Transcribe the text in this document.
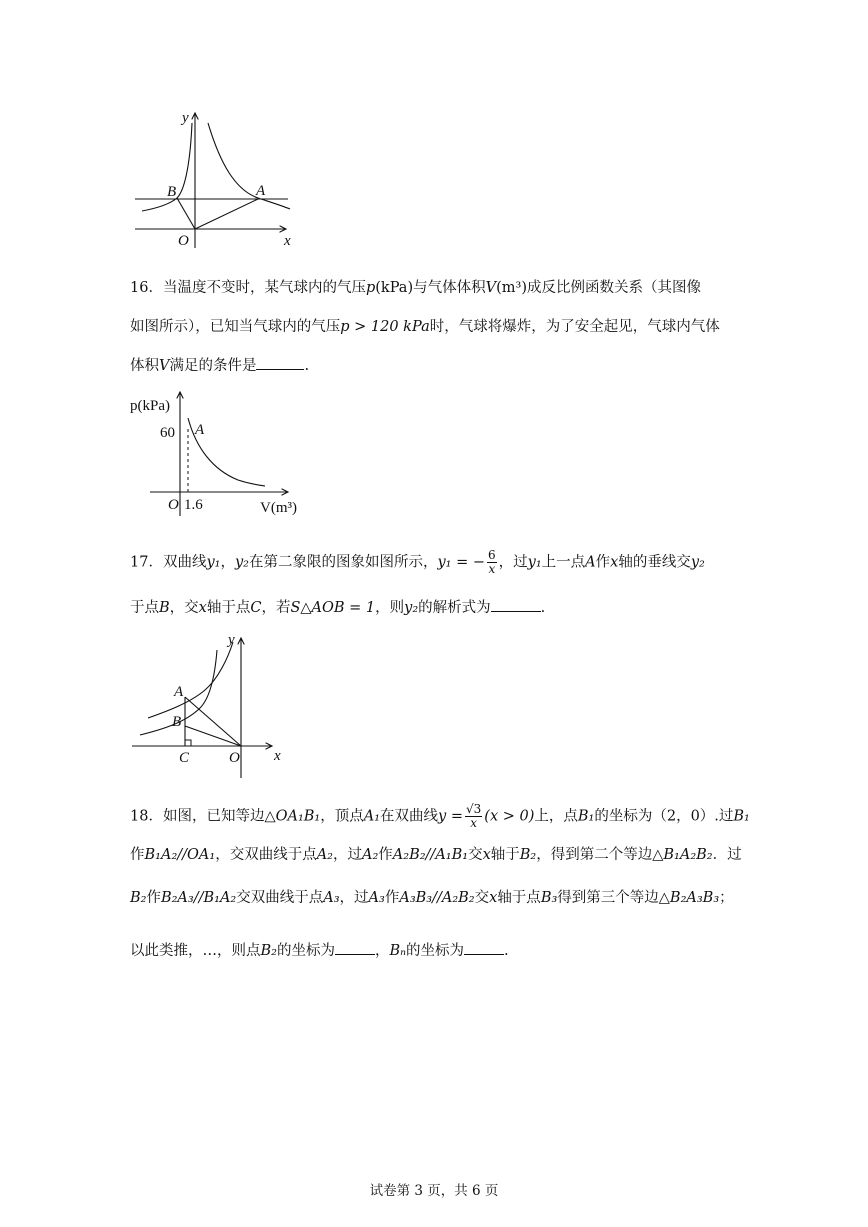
y
B	A
O	x
16．当温度不变时，某气球内的气压p(kPa)与气体体积V(m³)成反比例函数关系（其图像
如图所示），已知当气球内的气压p > 120 kPa时，气球将爆炸，为了安全起见，气球内气体
体积V满足的条件是	.
p(kPa)
60 A
O 1.6	V(m³)
17．双曲线y₁，y₂在第二象限的图象如图所示，y₁ = − $\frac{6}{x}$ ，过y₁上一点A作x轴的垂线交y₂
于点B，交x轴于点C，若S△AOB = 1，则y₂的解析式为	.
y
A
B
C	O x
18．如图，已知等边△OA₁B₁，顶点A₁在双曲线$y = \frac{√3}{x} (x > 0)$上，点B₁的坐标为（2，0）.过B₁
作B₁A₂//OA₁，交双曲线于点A₂，过A₂作A₂B₂//A₁B₁交x轴于B₂，得到第二个等边△B₁A₂B₂．过
B₂作B₂A₃//B₁A₂交双曲线于点A₃，过A₃作A₃B₃//A₂B₂交x轴于点B₃得到第三个等边△B₂A₃B₃；
以此类推，…，则点B₂的坐标为	，Bₙ的坐标为	.
试卷第 3 页，共 6 页
